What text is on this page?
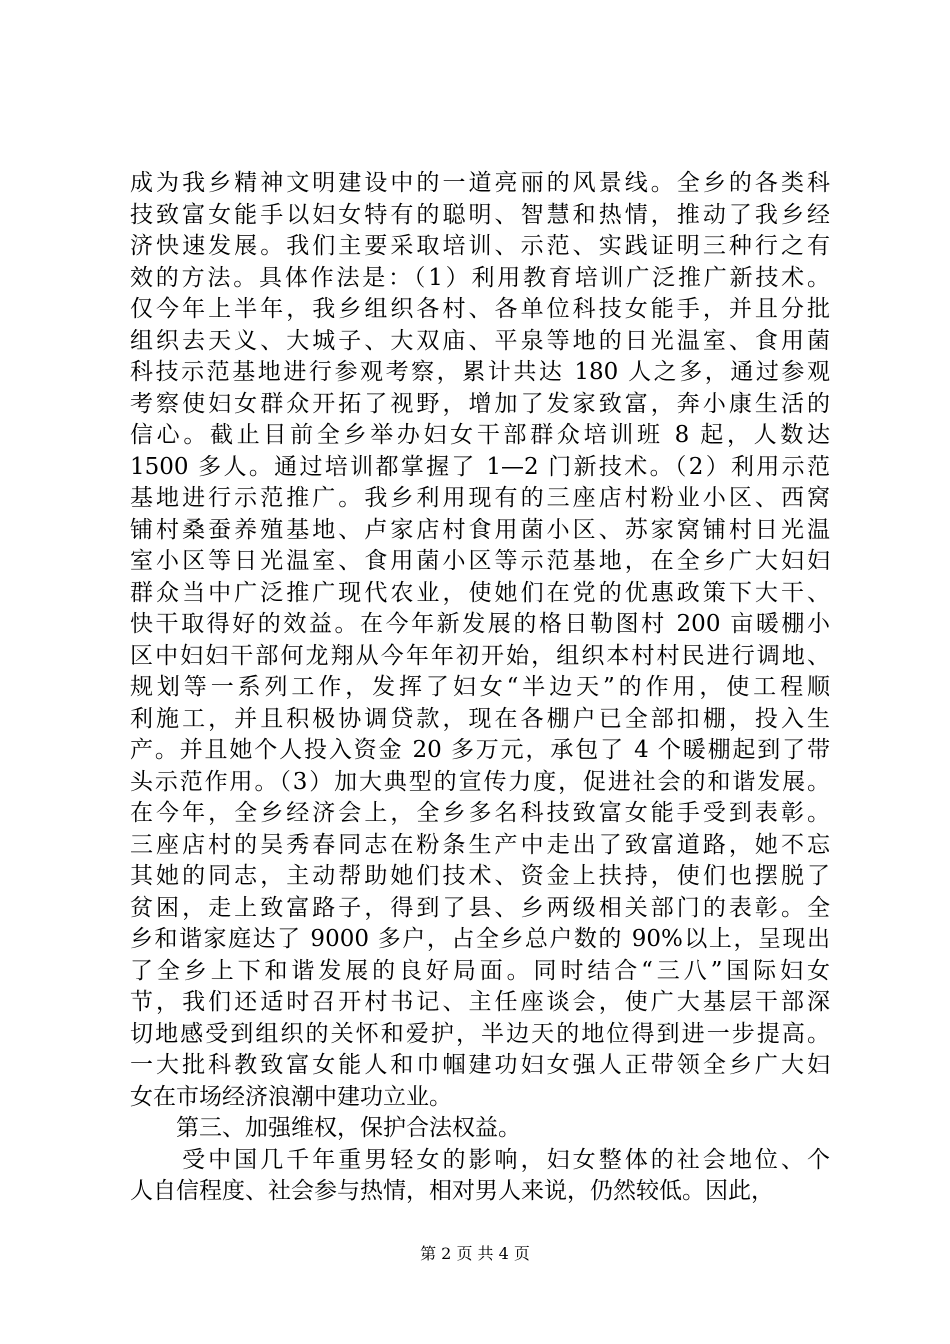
成为我乡精神文明建设中的一道亮丽的风景线。全乡的各类科
技致富女能手以妇女特有的聪明、智慧和热情，推动了我乡经
济快速发展。我们主要采取培训、示范、实践证明三种行之有
效的方法。具体作法是：（1）利用教育培训广泛推广新技术。
仅今年上半年，我乡组织各村、各单位科技女能手，并且分批
组织去天义、大城子、大双庙、平泉等地的日光温室、食用菌
科技示范基地进行参观考察，累计共达 180 人之多，通过参观
考察使妇女群众开拓了视野，增加了发家致富，奔小康生活的
信心。截止目前全乡举办妇女干部群众培训班 8 起，人数达
1500 多人。通过培训都掌握了 1—2 门新技术。（2）利用示范
基地进行示范推广。我乡利用现有的三座店村粉业小区、西窝
铺村桑蚕养殖基地、卢家店村食用菌小区、苏家窝铺村日光温
室小区等日光温室、食用菌小区等示范基地，在全乡广大妇妇
群众当中广泛推广现代农业，使她们在党的优惠政策下大干、
快干取得好的效益。在今年新发展的格日勒图村 200 亩暖棚小
区中妇妇干部何龙翔从今年年初开始，组织本村村民进行调地、
规划等一系列工作，发挥了妇女“半边天”的作用，使工程顺
利施工，并且积极协调贷款，现在各棚户已全部扣棚，投入生
产。并且她个人投入资金 20 多万元，承包了 4 个暖棚起到了带
头示范作用。（3）加大典型的宣传力度，促进社会的和谐发展。
在今年，全乡经济会上，全乡多名科技致富女能手受到表彰。
三座店村的吴秀春同志在粉条生产中走出了致富道路，她不忘
其她的同志，主动帮助她们技术、资金上扶持，使们也摆脱了
贫困，走上致富路子，得到了县、乡两级相关部门的表彰。全
乡和谐家庭达了 9000 多户，占全乡总户数的 90%以上，呈现出
了全乡上下和谐发展的良好局面。同时结合“三八”国际妇女
节，我们还适时召开村书记、主任座谈会，使广大基层干部深
切地感受到组织的关怀和爱护，半边天的地位得到进一步提高。
一大批科教致富女能人和巾帼建功妇女强人正带领全乡广大妇
女在市场经济浪潮中建功立业。
　　第三、加强维权，保护合法权益。
　　受中国几千年重男轻女的影响，妇女整体的社会地位、个
人自信程度、社会参与热情，相对男人来说，仍然较低。因此，
第 2 页 共 4 页
